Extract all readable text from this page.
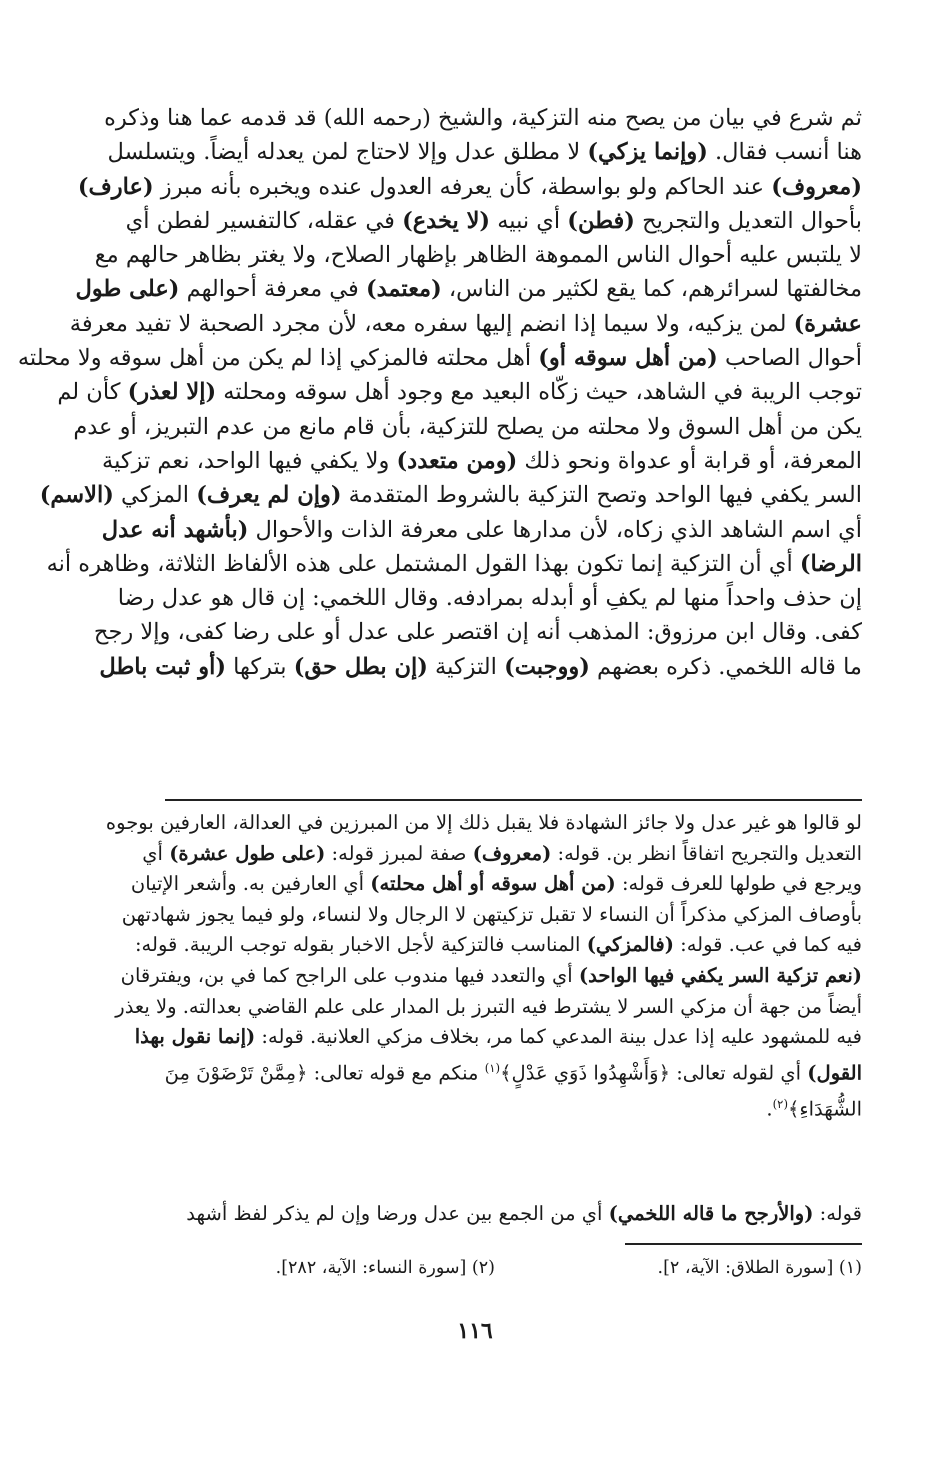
ثم شرع في بيان من يصح منه التزكية، والشيخ (رحمه الله) قد قدمه عما هنا وذكره
هنا أنسب فقال. (وإنما يزكي) لا مطلق عدل وإلا لاحتاج لمن يعدله أيضاً. ويتسلسل
(معروف) عند الحاكم ولو بواسطة، كأن يعرفه العدول عنده ويخبره بأنه مبرز (عارف)
بأحوال التعديل والتجريح (فطن) أي نبيه (لا يخدع) في عقله، كالتفسير لفطن أي
لا يلتبس عليه أحوال الناس المموهة الظاهر بإظهار الصلاح، ولا يغتر بظاهر حالهم مع
مخالفتها لسرائرهم، كما يقع لكثير من الناس، (معتمد) في معرفة أحوالهم (على طول
عشرة) لمن يزكيه، ولا سيما إذا انضم إليها سفره معه، لأن مجرد الصحبة لا تفيد معرفة
أحوال الصاحب (من أهل سوقه أو) أهل محلته فالمزكي إذا لم يكن من أهل سوقه ولا محلته
توجب الريبة في الشاهد، حيث زكّاه البعيد مع وجود أهل سوقه ومحلته (إلا لعذر) كأن لم
يكن من أهل السوق ولا محلته من يصلح للتزكية، بأن قام مانع من عدم التبريز، أو عدم
المعرفة، أو قرابة أو عدواة ونحو ذلك (ومن متعدد) ولا يكفي فيها الواحد، نعم تزكية
السر يكفي فيها الواحد وتصح التزكية بالشروط المتقدمة (وإن لم يعرف) المزكي (الاسم)
أي اسم الشاهد الذي زكاه، لأن مدارها على معرفة الذات والأحوال (بأشهد أنه عدل
الرضا) أي أن التزكية إنما تكون بهذا القول المشتمل على هذه الألفاظ الثلاثة، وظاهره أنه
إن حذف واحداً منها لم يكفِ أو أبدله بمرادفه. وقال اللخمي: إن قال هو عدل رضا
كفى. وقال ابن مرزوق: المذهب أنه إن اقتصر على عدل أو على رضا كفى، وإلا رجح
ما قاله اللخمي. ذكره بعضهم (ووجبت) التزكية (إن بطل حق) بتركها (أو ثبت باطل
لو قالوا هو غير عدل ولا جائز الشهادة فلا يقبل ذلك إلا من المبرزين في العدالة، العارفين بوجوه
التعديل والتجريح اتفاقاً انظر بن. قوله: (معروف) صفة لمبرز قوله: (على طول عشرة) أي
ويرجع في طولها للعرف قوله: (من أهل سوقه أو أهل محلته) أي العارفين به. وأشعر الإتيان
بأوصاف المزكي مذكراً أن النساء لا تقبل تزكيتهن لا الرجال ولا لنساء، ولو فيما يجوز شهادتهن
فيه كما في عب. قوله: (فالمزكي) المناسب فالتزكية لأجل الاخبار بقوله توجب الريبة. قوله:
(نعم تزكية السر يكفي فيها الواحد) أي والتعدد فيها مندوب على الراجح كما في بن، ويفترقان
أيضاً من جهة أن مزكي السر لا يشترط فيه التبرز بل المدار على علم القاضي بعدالته. ولا يعذر
فيه للمشهود عليه إذا عدل بينة المدعي كما مر، بخلاف مزكي العلانية. قوله: (إنما نقول بهذا
القول) أي لقوله تعالى: ﴿وَأَشْهِدُوا ذَوَي عَدْلٍ﴾$^{(١)}$ منكم مع قوله تعالى: ﴿مِمَّنْ تَرْضَوْنَ مِنَ
الشُّهَدَاءِ﴾$^{(٢)}$.
قوله: (والأرجح ما قاله اللخمي) أي من الجمع بين عدل ورضا وإن لم يذكر لفظ أشهد
(١) [سورة الطلاق: الآية، ٢].
(٢) [سورة النساء: الآية، ٢٨٢].
١١٦
